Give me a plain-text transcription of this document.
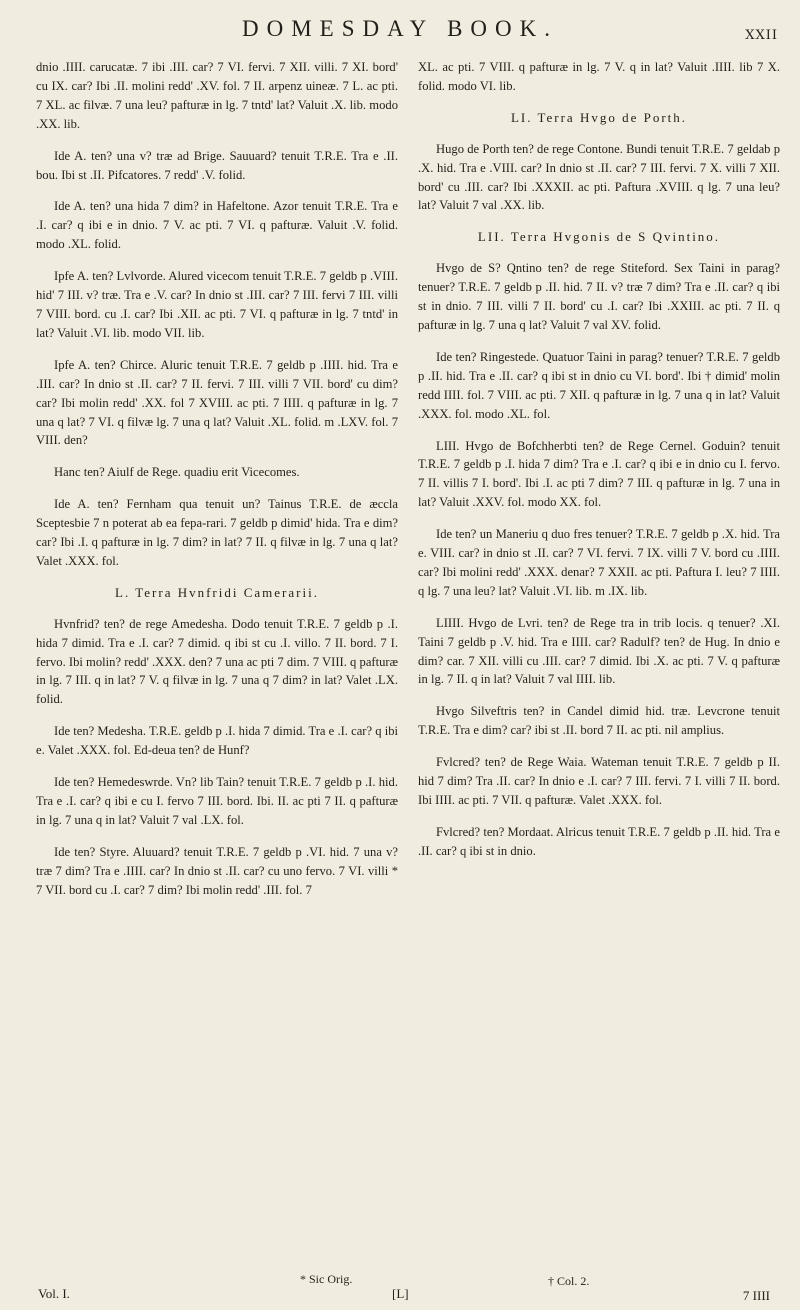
DOMESDAY BOOK.	XXII

dnio .IIII. carucatæ. 7 ibi .III. car? 7 VI. fervi. 7 XII. villi. 7 XI. bord' cu IX. car? Ibi .II. molini redd' .XV. fol. 7 II. arpenz uineæ. 7 L. ac pti. 7 XL. ac filvæ. 7 una leu? pafturæ in lg. 7 tntd' lat? Valuit .X. lib. modo .XX. lib.

Ide A. ten? una v? træ ad Brige. Sauuard? tenuit T.R.E. Tra e .II. bou. Ibi st .II. Pifcatores. 7 redd' .V. folid.

Ide A. ten? una hida 7 dim? in Hafeltone. Azor tenuit T.R.E. Tra e .I. car? q ibi e in dnio. 7 V. ac pti. 7 VI. q pafturæ. Valuit .V. folid. modo .XL. folid.

Ipfe A. ten? Lvlvorde. Alured vicecom tenuit T.R.E. 7 geldb p .VIII. hid' 7 III. v? træ. Tra e .V. car? In dnio st .III. car? 7 III. fervi 7 III. villi 7 VIII. bord. cu .I. car? Ibi .XII. ac pti. 7 VI. q pafturæ in lg. 7 tntd' in lat? Valuit .VI. lib. modo VII. lib.

Ipfe A. ten? Chirce. Aluric tenuit T.R.E. 7 geldb p .IIII. hid. Tra e .III. car? In dnio st .II. car? 7 II. fervi. 7 III. villi 7 VII. bord' cu dim? car? Ibi molin redd' .XX. fol 7 XVIII. ac pti. 7 IIII. q pafturæ in lg. 7 una q lat? 7 VI. q filvæ lg. 7 una q lat? Valuit .XL. folid. m .LXV. fol. 7 VIII. den?

Hanc ten? Aiulf de Rege. quadiu erit Vicecomes.

Ide A. ten? Fernham qua tenuit un? Tainus T.R.E. de æccla Sceptesbie 7 n poterat ab ea fepa-rari. 7 geldb p dimid' hida. Tra e dim? car? Ibi .I. q pafturæ in lg. 7 dim? in lat? 7 II. q filvæ in lg. 7 una q lat? Valet .XXX. fol.

L. Terra Hvnfridi Camerarii.

Hvnfrid? ten? de rege Amedesha. Dodo tenuit T.R.E. 7 geldb p .I. hida 7 dimid. Tra e .I. car? 7 dimid. q ibi st cu .I. villo. 7 II. bord. 7 I. fervo. Ibi molin? redd' .XXX. den? 7 una ac pti 7 dim. 7 VIII. q pafturæ in lg. 7 III. q in lat? 7 V. q filvæ in lg. 7 una q 7 dim? in lat? Valet .LX. folid.

Ide ten? Medesha. T.R.E. geldb p .I. hida 7 dimid. Tra e .I. car? q ibi e. Valet .XXX. fol. Ed-deua ten? de Hunf?

Ide ten? Hemedeswrde. Vn? lib Tain? tenuit T.R.E. 7 geldb p .I. hid. Tra e .I. car? q ibi e cu I. fervo 7 III. bord. Ibi. II. ac pti 7 II. q pafturæ in lg. 7 una q in lat? Valuit 7 val .LX. fol.

Ide ten? Styre. Aluuard? tenuit T.R.E. 7 geldb p .VI. hid. 7 una v? træ 7 dim? Tra e .IIII. car? In dnio st .II. car? cu uno fervo. 7 VI. villi * 7 VII. bord cu .I. car? 7 dim? Ibi molin redd' .III. fol. 7

XL. ac pti. 7 VIII. q pafturæ in lg. 7 V. q in lat? Valuit .IIII. lib 7 X. folid. modo VI. lib.

LI. Terra Hvgo de Porth.

Hugo de Porth ten? de rege Contone. Bundi tenuit T.R.E. 7 geldab p .X. hid. Tra e .VIII. car? In dnio st .II. car? 7 III. fervi. 7 X. villi 7 XII. bord' cu .III. car? Ibi .XXXII. ac pti. Paftura .XVIII. q lg. 7 una leu? lat? Valuit 7 val .XX. lib.

LII. Terra Hvgonis de S Qvintino.

Hvgo de S? Qntino ten? de rege Stiteford. Sex Taini in parag? tenuer? T.R.E. 7 geldb p .II. hid. 7 II. v? træ 7 dim? Tra e .II. car? q ibi st in dnio. 7 III. villi 7 II. bord' cu .I. car? Ibi .XXIII. ac pti. 7 II. q pafturæ in lg. 7 una q lat? Valuit 7 val XV. folid.

Ide ten? Ringestede. Quatuor Taini in parag? tenuer? T.R.E. 7 geldb p .II. hid. Tra e .II. car? q ibi st in dnio cu VI. bord'. Ibi † dimid' molin redd IIII. fol. 7 VIII. ac pti. 7 XII. q pafturæ in lg. 7 una q in lat? Valuit .XXX. fol. modo .XL. fol.

LIII. Hvgo de Bofchherbti ten? de Rege Cernel. Goduin? tenuit T.R.E. 7 geldb p .I. hida 7 dim? Tra e .I. car? q ibi e in dnio cu I. fervo. 7 II. villis 7 I. bord'. Ibi .I. ac pti 7 dim? 7 III. q pafturæ in lg. 7 una in lat? Valuit .XXV. fol. modo XX. fol.

Ide ten? un Maneriu q duo fres tenuer? T.R.E. 7 geldb p .X. hid. Tra e. VIII. car? in dnio st .II. car? 7 VI. fervi. 7 IX. villi 7 V. bord cu .IIII. car? Ibi molini redd' .XXX. denar? 7 XXII. ac pti. Paftura I. leu? 7 IIII. q lg. 7 una leu? lat? Valuit .VI. lib. m .IX. lib.

LIIII. Hvgo de Lvri. ten? de Rege tra in trib locis. q tenuer? .XI. Taini 7 geldb p .V. hid. Tra e IIII. car? Radulf? ten? de Hug. In dnio e dim? car. 7 XII. villi cu .III. car? 7 dimid. Ibi .X. ac pti. 7 V. q pafturæ in lg. 7 II. q in lat? Valuit 7 val IIII. lib.

Hvgo Silveftris ten? in Candel dimid hid. træ. Levcrone tenuit T.R.E. Tra e dim? car? ibi st .II. bord 7 II. ac pti. nil amplius.

Fvlcred? ten? de Rege Waia. Wateman tenuit T.R.E. 7 geldb p II. hid 7 dim? Tra .II. car? In dnio e .I. car? 7 III. fervi. 7 I. villi 7 II. bord. Ibi IIII. ac pti. 7 VII. q pafturæ. Valet .XXX. fol.

Fvlcred? ten? Mordaat. Alricus tenuit T.R.E. 7 geldb p .II. hid. Tra e .II. car? q ibi st in dnio.

* Sic Orig.	† Col. 2.
Vol. I.	[L]	7 IIII
